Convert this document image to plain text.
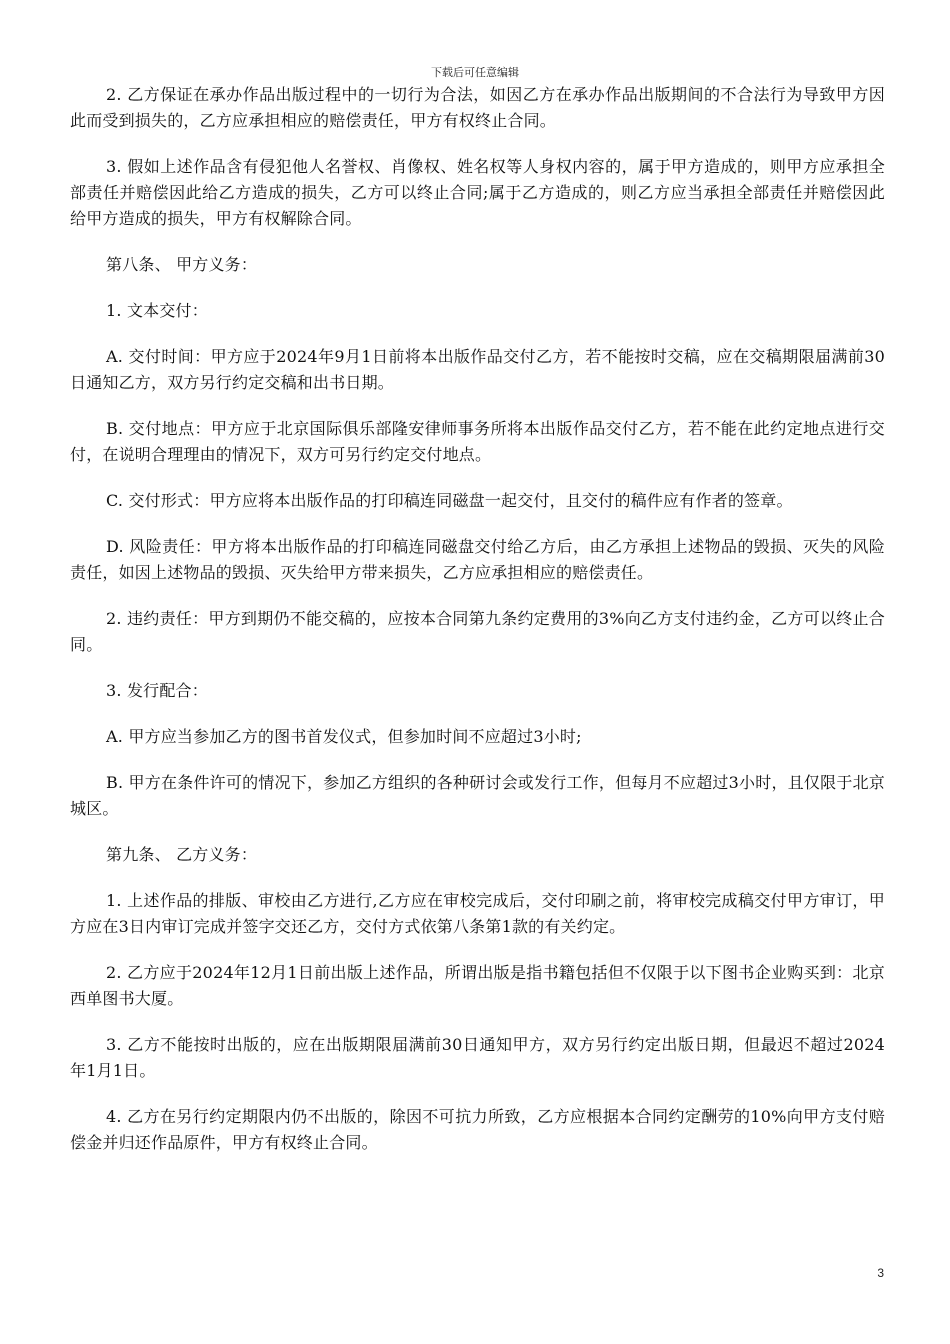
下载后可任意编辑

2. 乙方保证在承办作品出版过程中的一切行为合法，如因乙方在承办作品出版期间的不合法行为导致甲方因此而受到损失的，乙方应承担相应的赔偿责任，甲方有权终止合同。

3. 假如上述作品含有侵犯他人名誉权、肖像权、姓名权等人身权内容的，属于甲方造成的，则甲方应承担全部责任并赔偿因此给乙方造成的损失，乙方可以终止合同;属于乙方造成的，则乙方应当承担全部责任并赔偿因此给甲方造成的损失，甲方有权解除合同。

第八条、 甲方义务：

1. 文本交付：

A. 交付时间：甲方应于2024年9月1日前将本出版作品交付乙方，若不能按时交稿，应在交稿期限届满前30日通知乙方，双方另行约定交稿和出书日期。

B. 交付地点：甲方应于北京国际俱乐部隆安律师事务所将本出版作品交付乙方，若不能在此约定地点进行交付，在说明合理理由的情况下，双方可另行约定交付地点。

C. 交付形式：甲方应将本出版作品的打印稿连同磁盘一起交付，且交付的稿件应有作者的签章。

D. 风险责任：甲方将本出版作品的打印稿连同磁盘交付给乙方后，由乙方承担上述物品的毁损、灭失的风险责任，如因上述物品的毁损、灭失给甲方带来损失，乙方应承担相应的赔偿责任。

2. 违约责任：甲方到期仍不能交稿的，应按本合同第九条约定费用的3%向乙方支付违约金，乙方可以终止合同。

3. 发行配合：

A. 甲方应当参加乙方的图书首发仪式，但参加时间不应超过3小时;

B. 甲方在条件许可的情况下，参加乙方组织的各种研讨会或发行工作，但每月不应超过3小时，且仅限于北京城区。

第九条、 乙方义务：

1. 上述作品的排版、审校由乙方进行,乙方应在审校完成后，交付印刷之前，将审校完成稿交付甲方审订，甲方应在3日内审订完成并签字交还乙方，交付方式依第八条第1款的有关约定。

2. 乙方应于2024年12月1日前出版上述作品，所谓出版是指书籍包括但不仅限于以下图书企业购买到：北京西单图书大厦。

3. 乙方不能按时出版的，应在出版期限届满前30日通知甲方，双方另行约定出版日期，但最迟不超过2024年1月1日。

4. 乙方在另行约定期限内仍不出版的，除因不可抗力所致，乙方应根据本合同约定酬劳的10%向甲方支付赔偿金并归还作品原件，甲方有权终止合同。

3
